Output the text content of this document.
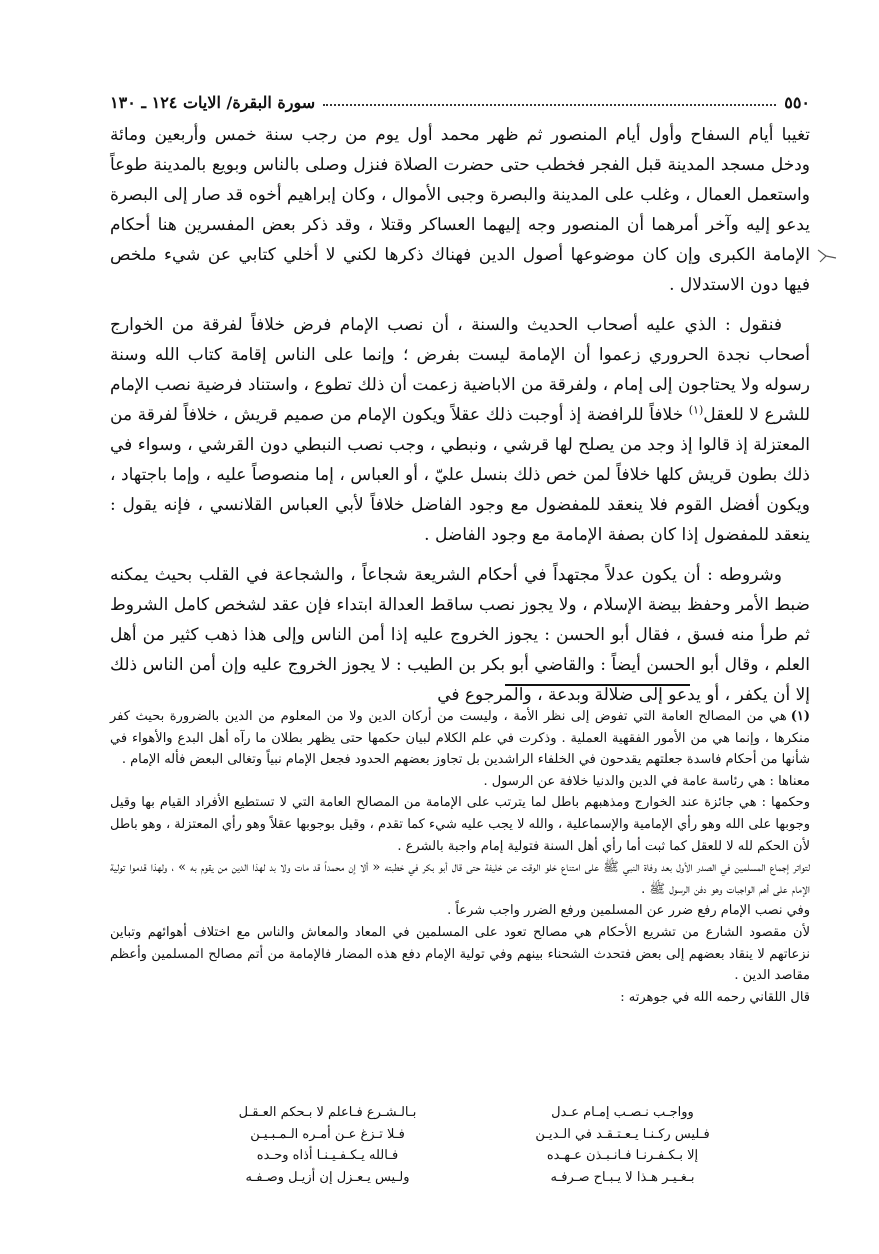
٥٥٠
سورة البقرة/ الايات ١٢٤ ـ ١٣٠

تغيبا أيام السفاح وأول أيام المنصور ثم ظهر محمد أول يوم من رجب سنة خمس وأربعين ومائة ودخل مسجد المدينة قبل الفجر فخطب حتى حضرت الصلاة فنزل وصلى بالناس وبويع بالمدينة طوعاً واستعمل العمال ، وغلب على المدينة والبصرة وجبى الأموال ، وكان إبراهيم أخوه قد صار إلى البصرة يدعو إليه وآخر أمرهما أن المنصور وجه إليهما العساكر وقتلا ، وقد ذكر بعض المفسرين هنا أحكام الإمامة الكبرى وإن كان موضوعها أصول الدين فهناك ذكرها لكني لا أخلي كتابي عن شيء ملخص فيها دون الاستدلال .

فنقول : الذي عليه أصحاب الحديث والسنة ، أن نصب الإمام فرض خلافاً لفرقة من الخوارج أصحاب نجدة الحروري زعموا أن الإمامة ليست بفرض ؛ وإنما على الناس إقامة كتاب الله وسنة رسوله ولا يحتاجون إلى إمام ، ولفرقة من الاباضية زعمت أن ذلك تطوع ، واستناد فرضية نصب الإمام للشرع لا للعقل$^{(١)}$ خلافاً للرافضة إذ أوجبت ذلك عقلاً ويكون الإمام من صميم قريش ، خلافاً لفرقة من المعتزلة إذ قالوا إذ وجد من يصلح لها قرشي ، ونبطي ، وجب نصب النبطي دون القرشي ، وسواء في ذلك بطون قريش كلها خلافاً لمن خص ذلك بنسل عليّ ، أو العباس ، إما منصوصاً عليه ، وإما باجتهاد ، ويكون أفضل القوم فلا ينعقد للمفضول مع وجود الفاضل خلافاً لأبي العباس القلانسي ، فإنه يقول : ينعقد للمفضول إذا كان بصفة الإمامة مع وجود الفاضل .

وشروطه : أن يكون عدلاً مجتهداً في أحكام الشريعة شجاعاً ، والشجاعة في القلب بحيث يمكنه ضبط الأمر وحفظ بيضة الإسلام ، ولا يجوز نصب ساقط العدالة ابتداء فإن عقد لشخص كامل الشروط ثم طرأ منه فسق ، فقال أبو الحسن : يجوز الخروج عليه إذا أمن الناس وإلى هذا ذهب كثير من أهل العلم ، وقال أبو الحسن أيضاً : والقاضي أبو بكر بن الطيب : لا يجوز الخروج عليه وإن أمن الناس ذلك إلا أن يكفر ، أو يدعو إلى ضلالة وبدعة ، والمرجوع في

(١)هي من المصالح العامة التي تفوض إلى نظر الأمة ، وليست من أركان الدين ولا من المعلوم من الدين بالضرورة بحيث كفر منكرها ، وإنما هي من الأمور الفقهية العملية . وذكرت في علم الكلام لبيان حكمها حتى يظهر بطلان ما رآه أهل البدع والأهواء في شأنها من أحكام فاسدة جعلتهم يقدحون في الخلفاء الراشدين بل تجاوز بعضهم الحدود فجعل الإمام نبياً وتغالى البعض فأله الإمام .

معناها : هي رئاسة عامة في الدين والدنيا خلافة عن الرسول .

وحكمها : هي جائزة عند الخوارج ومذهبهم باطل لما يترتب على الإمامة من المصالح العامة التي لا تستطيع الأفراد القيام بها وقيل وجوبها على الله وهو رأي الإمامية والإسماعلية ، والله لا يجب عليه شيء كما تقدم ، وقيل بوجوبها عقلاً وهو رأي المعتزلة ، وهو باطل لأن الحكم لله لا للعقل كما ثبت أما رأي أهل السنة فتولية إمام واجبة بالشرع .

لتواتر إجماع المسلمين في الصدر الأول بعد وفاة النبي ﷺ على امتناع خلو الوقت عن خليفة حتى قال أبو بكر في خطبته « ألا إن محمداً قد مات ولا بد لهذا الدين من يقوم به » ، ولهذا قدموا تولية الإمام على أهم الواجبات وهو دفن الرسول ﷺ .

وفي نصب الإمام رفع ضرر عن المسلمين ورفع الضرر واجب شرعاً .

لأن مقصود الشارع من تشريع الأحكام هي مصالح تعود على المسلمين في المعاد والمعاش والناس مع اختلاف أهوائهم وتباين نزعاتهم لا ينقاد بعضهم إلى بعض فتحدث الشحناء بينهم وفي تولية الإمام دفع هذه المضار فالإمامة من أتم مصالح المسلمين وأعظم مقاصد الدين .

قال اللقاني رحمه الله في جوهرته :

وواجـب نـصـب إمـام عـدل
بـالـشـرع فـاعلم لا بـحكم العـقـل
فـليس ركـنـا يـعـتـقـد في الـديـن
فـلا تـزغ عـن أمـره الـمـبـيـن
إلا بـكـفـرنـا فـانـبـذن عـهـده
فـالله يـكـفـيـنـا أذاه وحـده
بـغـيـر هـذا لا يـبـاح صـرفـه
ولـيس يـعـزل إن أزيـل وصـفـه
